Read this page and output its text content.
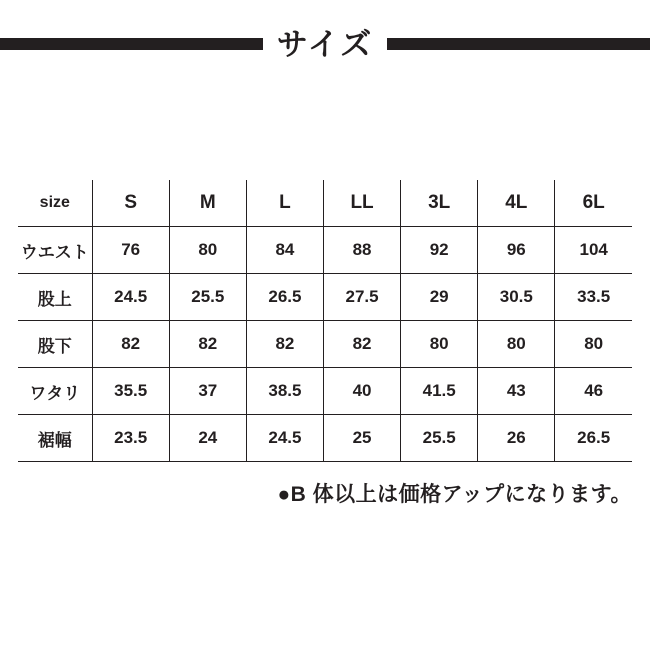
サイズ
size	S	M	L	LL	3L	4L	6L
ウエスト	76	80	84	88	92	96	104
股上	24.5	25.5	26.5	27.5	29	30.5	33.5
股下	82	82	82	82	80	80	80
ワタリ	35.5	37	38.5	40	41.5	43	46
裾幅	23.5	24	24.5	25	25.5	26	26.5
●B 体以上は価格アップになります。
